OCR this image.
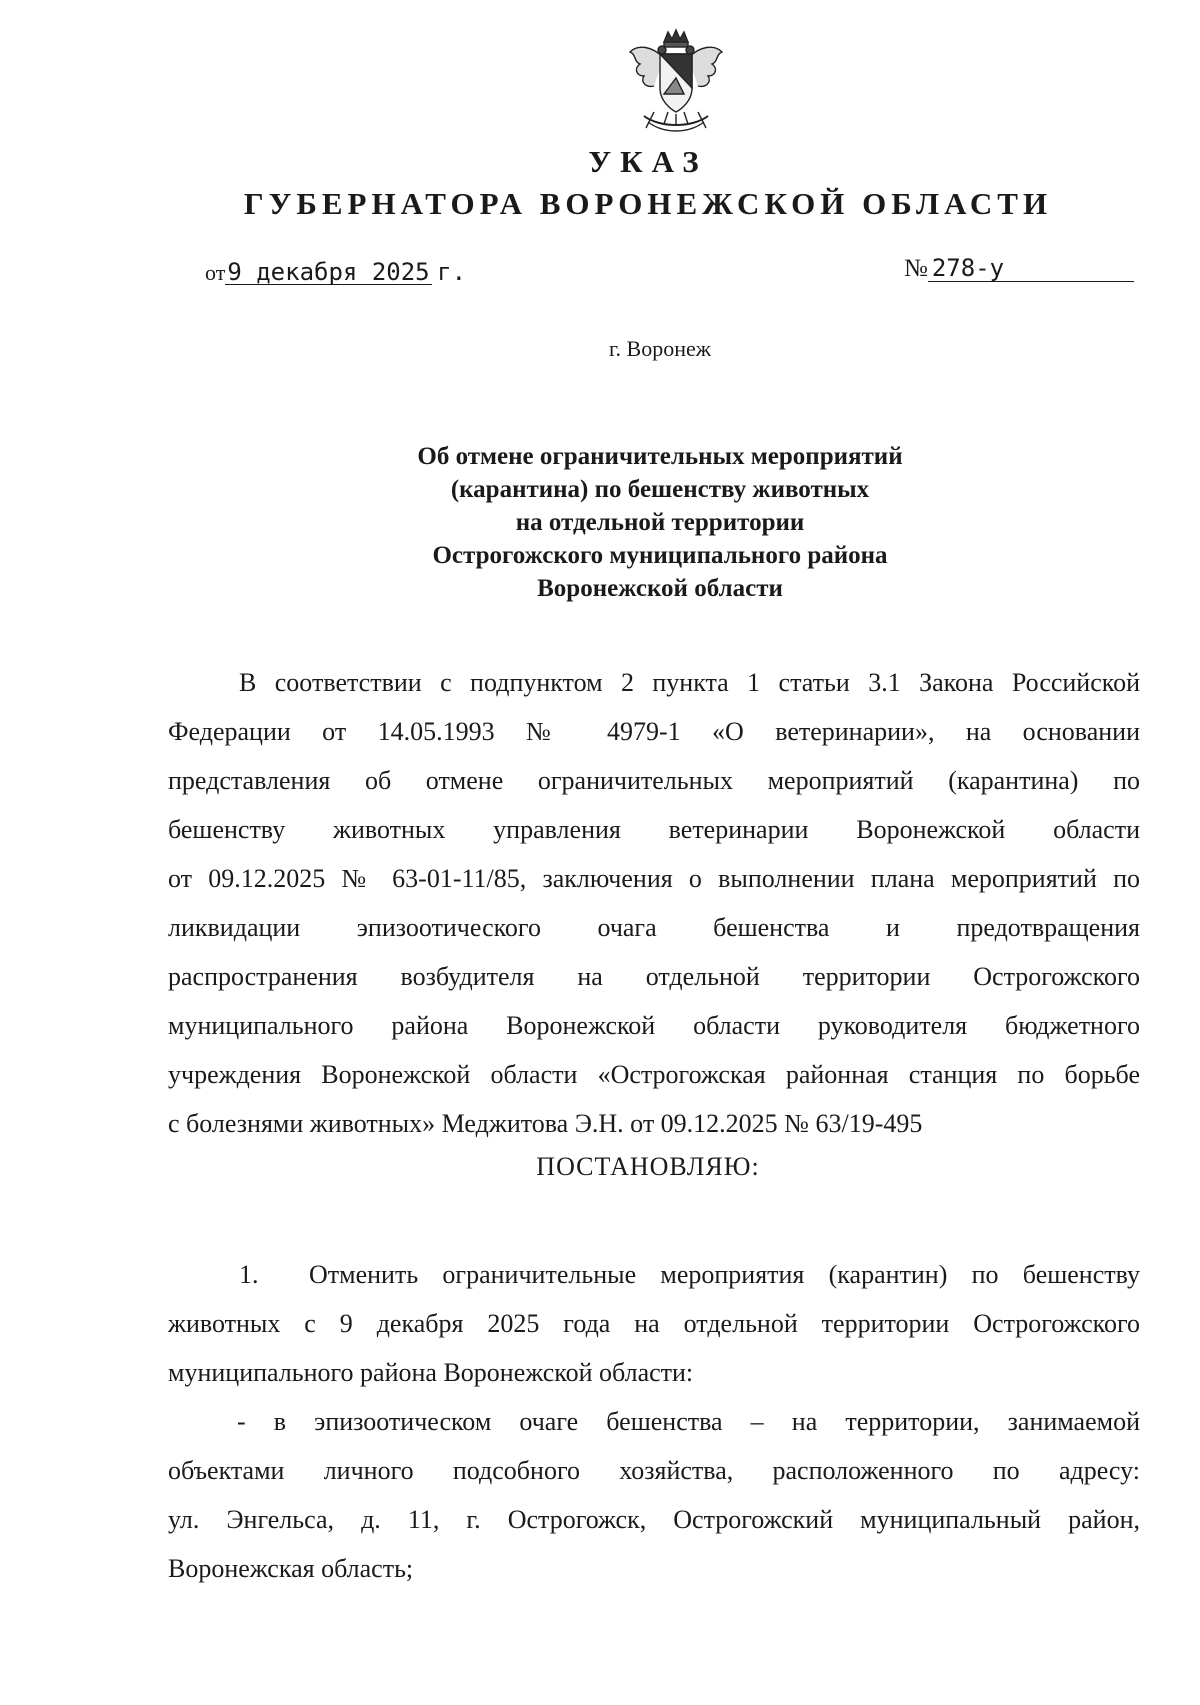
УКАЗ
ГУБЕРНАТОРА ВОРОНЕЖСКОЙ ОБЛАСТИ
от9 декабря 2025 г.	№ 278-у
г. Воронеж
Об отмене ограничительных мероприятий
(карантина) по бешенству животных
на отдельной территории
Острогожского муниципального района
Воронежской области
В соответствии с подпунктом 2 пункта 1 статьи 3.1 Закона Российской
Федерации от 14.05.1993 № 4979-1 «О ветеринарии», на основании
представления об отмене ограничительных мероприятий (карантина) по
бешенству животных управления ветеринарии Воронежской области
от 09.12.2025 № 63-01-11/85, заключения о выполнении плана мероприятий по
ликвидации эпизоотического очага бешенства и предотвращения
распространения возбудителя на отдельной территории Острогожского
муниципального района Воронежской области руководителя бюджетного
учреждения Воронежской области «Острогожская районная станция по борьбе
с болезнями животных» Меджитова Э.Н. от 09.12.2025 № 63/19-495
ПОСТАНОВЛЯЮ:
1. Отменить ограничительные мероприятия (карантин) по бешенству
животных с 9 декабря 2025 года на отдельной территории Острогожского
муниципального района Воронежской области:
- в эпизоотическом очаге бешенства – на территории, занимаемой
объектами личного подсобного хозяйства, расположенного по адресу:
ул. Энгельса, д. 11, г. Острогожск, Острогожский муниципальный район,
Воронежская область;
